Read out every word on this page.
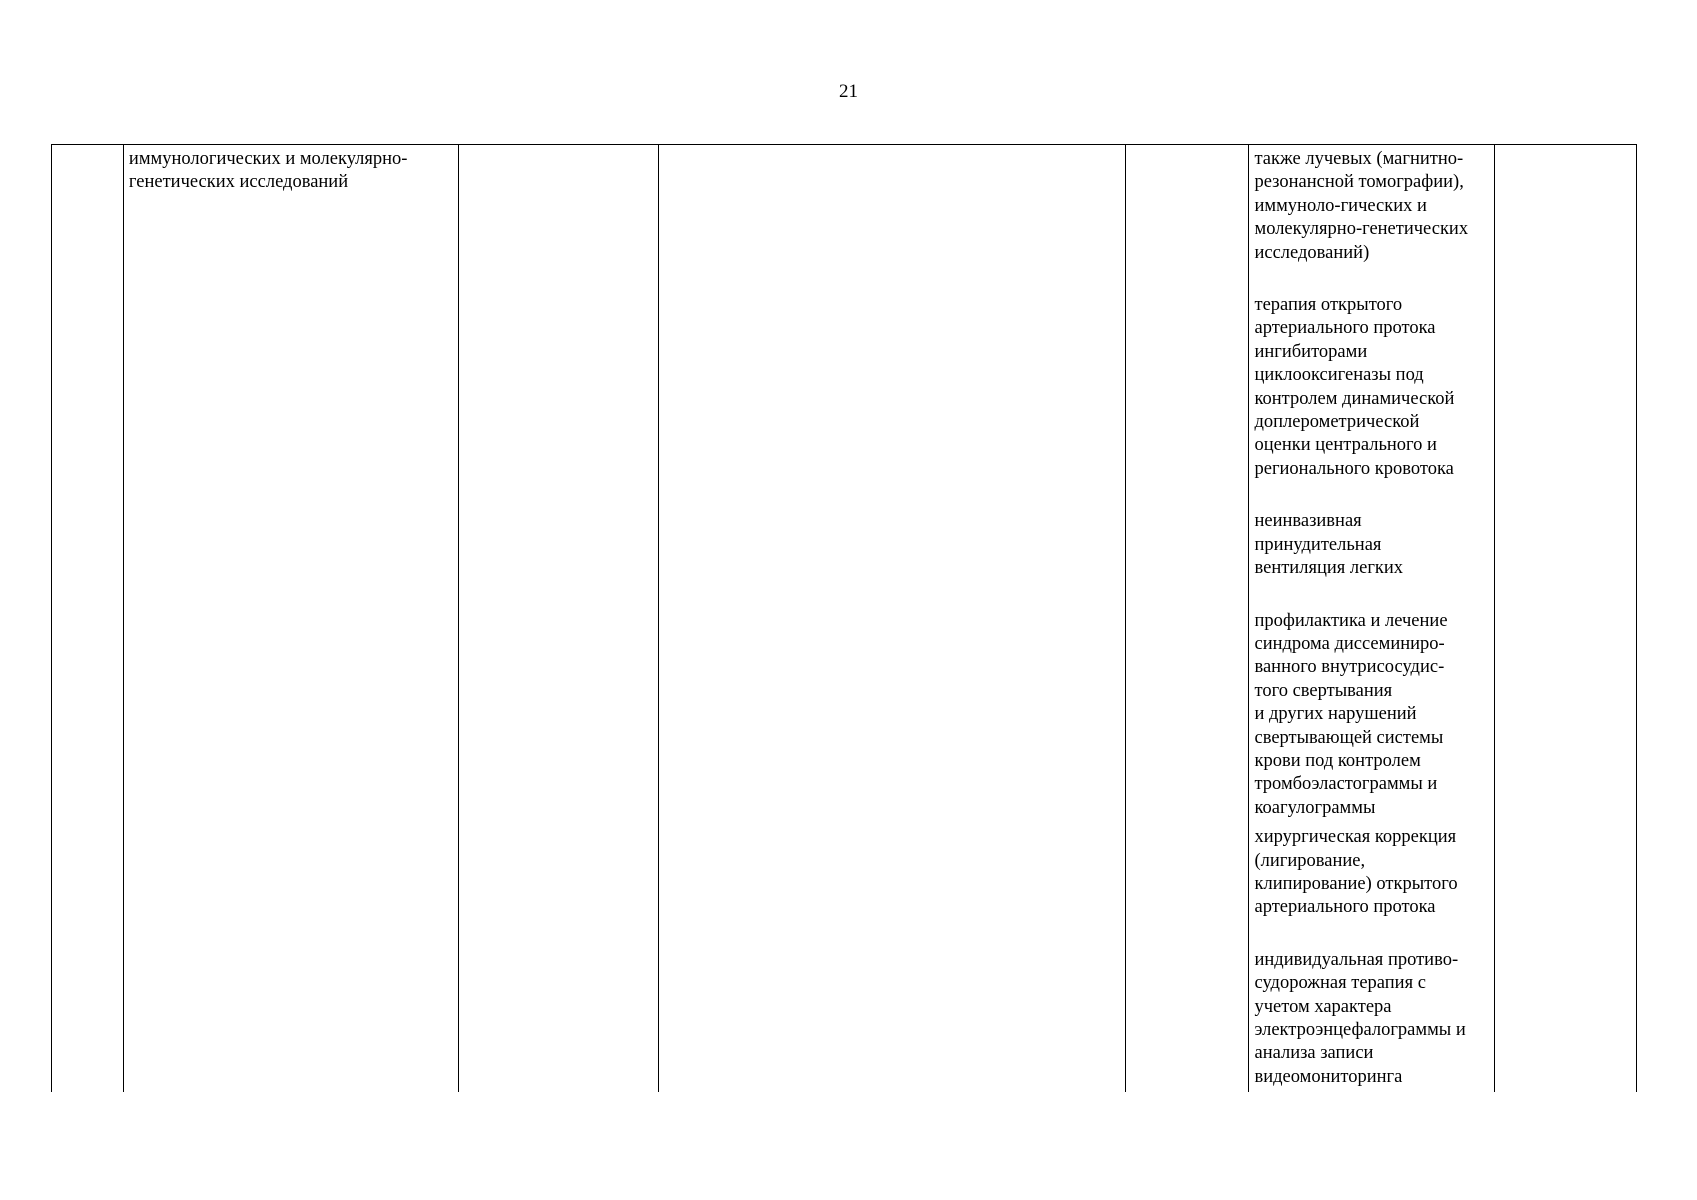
21
иммунологических и молекулярно-
генетических исследований
также лучевых (магнитно-
резонансной томографии),
иммуноло-гических и
молекулярно-генетических
исследований)
терапия открытого
артериального протока
ингибиторами
циклооксигеназы под
контролем динамической
доплерометрической
оценки центрального и
регионального кровотока
неинвазивная
принудительная
вентиляция легких
профилактика и лечение
синдрома диссеминиро-
ванного внутрисосудис-
того свертывания
и других нарушений
свертывающей системы
крови под контролем
тромбоэластограммы и
коагулограммы
хирургическая коррекция
(лигирование,
клипирование) открытого
артериального протока
индивидуальная противо-
судорожная терапия с
учетом характера
электроэнцефалограммы и
анализа записи
видеомониторинга
